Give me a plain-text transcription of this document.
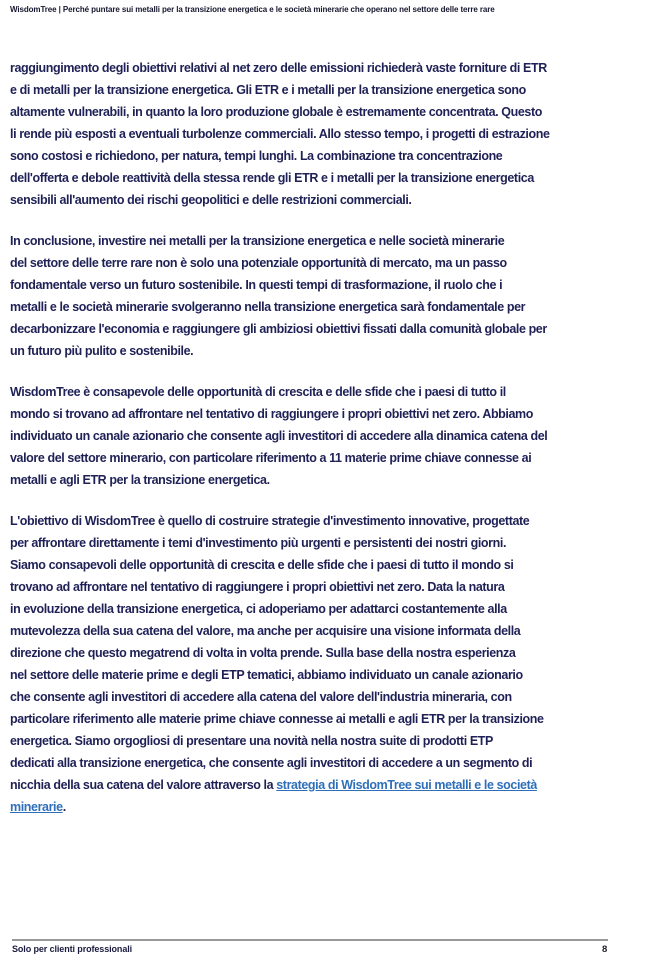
WisdomTree | Perché puntare sui metalli per la transizione energetica e le società minerarie che operano nel settore delle terre rare
raggiungimento degli obiettivi relativi al net zero delle emissioni richiederà vaste forniture di ETR
e di metalli per la transizione energetica. Gli ETR e i metalli per la transizione energetica sono
altamente vulnerabili, in quanto la loro produzione globale è estremamente concentrata. Questo
li rende più esposti a eventuali turbolenze commerciali. Allo stesso tempo, i progetti di estrazione
sono costosi e richiedono, per natura, tempi lunghi. La combinazione tra concentrazione
dell'offerta e debole reattività della stessa rende gli ETR e i metalli per la transizione energetica
sensibili all'aumento dei rischi geopolitici e delle restrizioni commerciali.
In conclusione, investire nei metalli per la transizione energetica e nelle società minerarie
del settore delle terre rare non è solo una potenziale opportunità di mercato, ma un passo
fondamentale verso un futuro sostenibile. In questi tempi di trasformazione, il ruolo che i
metalli e le società minerarie svolgeranno nella transizione energetica sarà fondamentale per
decarbonizzare l'economia e raggiungere gli ambiziosi obiettivi fissati dalla comunità globale per
un futuro più pulito e sostenibile.
WisdomTree è consapevole delle opportunità di crescita e delle sfide che i paesi di tutto il
mondo si trovano ad affrontare nel tentativo di raggiungere i propri obiettivi net zero. Abbiamo
individuato un canale azionario che consente agli investitori di accedere alla dinamica catena del
valore del settore minerario, con particolare riferimento a 11 materie prime chiave connesse ai
metalli e agli ETR per la transizione energetica.
L'obiettivo di WisdomTree è quello di costruire strategie d'investimento innovative, progettate
per affrontare direttamente i temi d'investimento più urgenti e persistenti dei nostri giorni.
Siamo consapevoli delle opportunità di crescita e delle sfide che i paesi di tutto il mondo si
trovano ad affrontare nel tentativo di raggiungere i propri obiettivi net zero. Data la natura
in evoluzione della transizione energetica, ci adoperiamo per adattarci costantemente alla
mutevolezza della sua catena del valore, ma anche per acquisire una visione informata della
direzione che questo megatrend di volta in volta prende. Sulla base della nostra esperienza
nel settore delle materie prime e degli ETP tematici, abbiamo individuato un canale azionario
che consente agli investitori di accedere alla catena del valore dell'industria mineraria, con
particolare riferimento alle materie prime chiave connesse ai metalli e agli ETR per la transizione
energetica. Siamo orgogliosi di presentare una novità nella nostra suite di prodotti ETP
dedicati alla transizione energetica, che consente agli investitori di accedere a un segmento di
nicchia della sua catena del valore attraverso la strategia di WisdomTree sui metalli e le società
minerarie.
Solo per clienti professionali	8
